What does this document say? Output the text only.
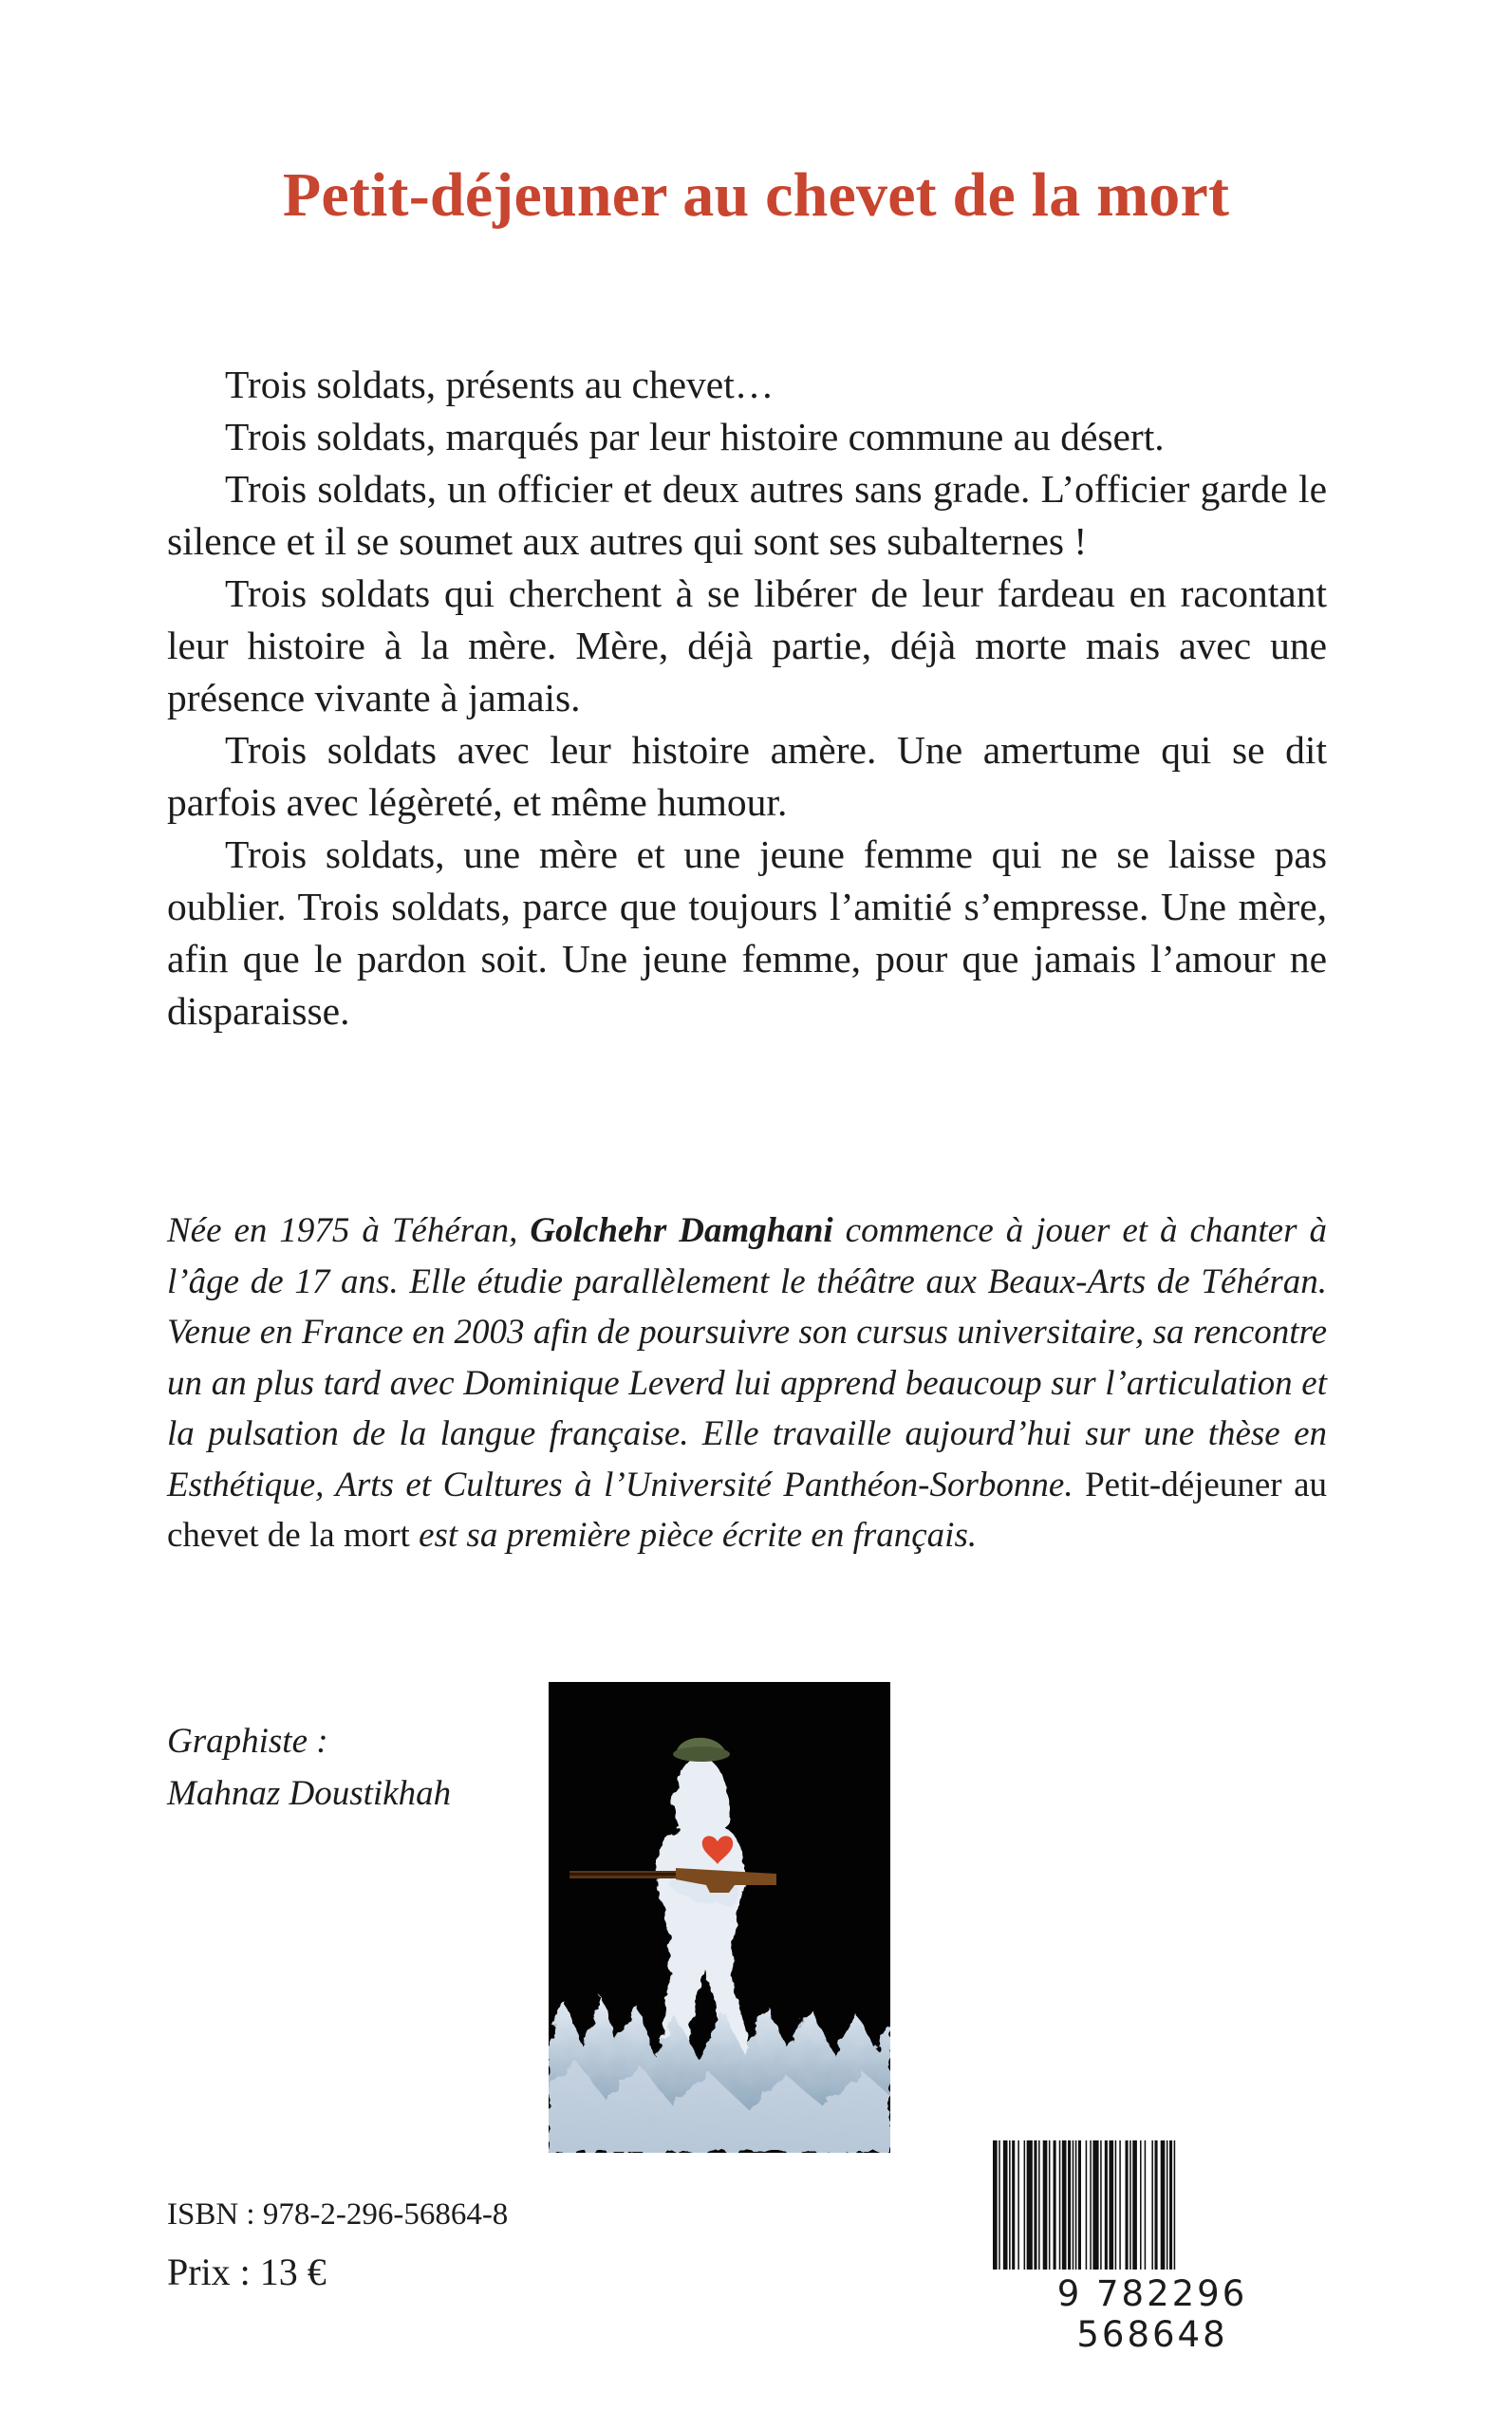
Petit-déjeuner au chevet de la mort

Trois soldats, présents au chevet…

Trois soldats, marqués par leur histoire commune au désert.

Trois soldats, un officier et deux autres sans grade. L’officier garde le silence et il se soumet aux autres qui sont ses subalternes !

Trois soldats qui cherchent à se libérer de leur fardeau en racontant leur histoire à la mère. Mère, déjà partie, déjà morte mais avec une présence vivante à jamais.

Trois soldats avec leur histoire amère. Une amertume qui se dit parfois avec légèreté, et même humour.

Trois soldats, une mère et une jeune femme qui ne se laisse pas oublier. Trois soldats, parce que toujours l’amitié s’empresse. Une mère, afin que le pardon soit. Une jeune femme, pour que jamais l’amour ne disparaisse.

Née en 1975 à Téhéran, Golchehr Damghani commence à jouer et à chanter à l’âge de 17 ans. Elle étudie parallèlement le théâtre aux Beaux-Arts de Téhéran. Venue en France en 2003 afin de poursuivre son cursus universitaire, sa rencontre un an plus tard avec Dominique Leverd lui apprend beaucoup sur l’articulation et la pulsation de la langue française. Elle travaille aujourd’hui sur une thèse en Esthétique, Arts et Cultures à l’Université Panthéon-Sorbonne. Petit-déjeuner au chevet de la mort est sa première pièce écrite en français.

Graphiste :
Mahnaz Doustikhah
ISBN : 978-2-296-56864-8
Prix : 13 €
9 782296 568648
